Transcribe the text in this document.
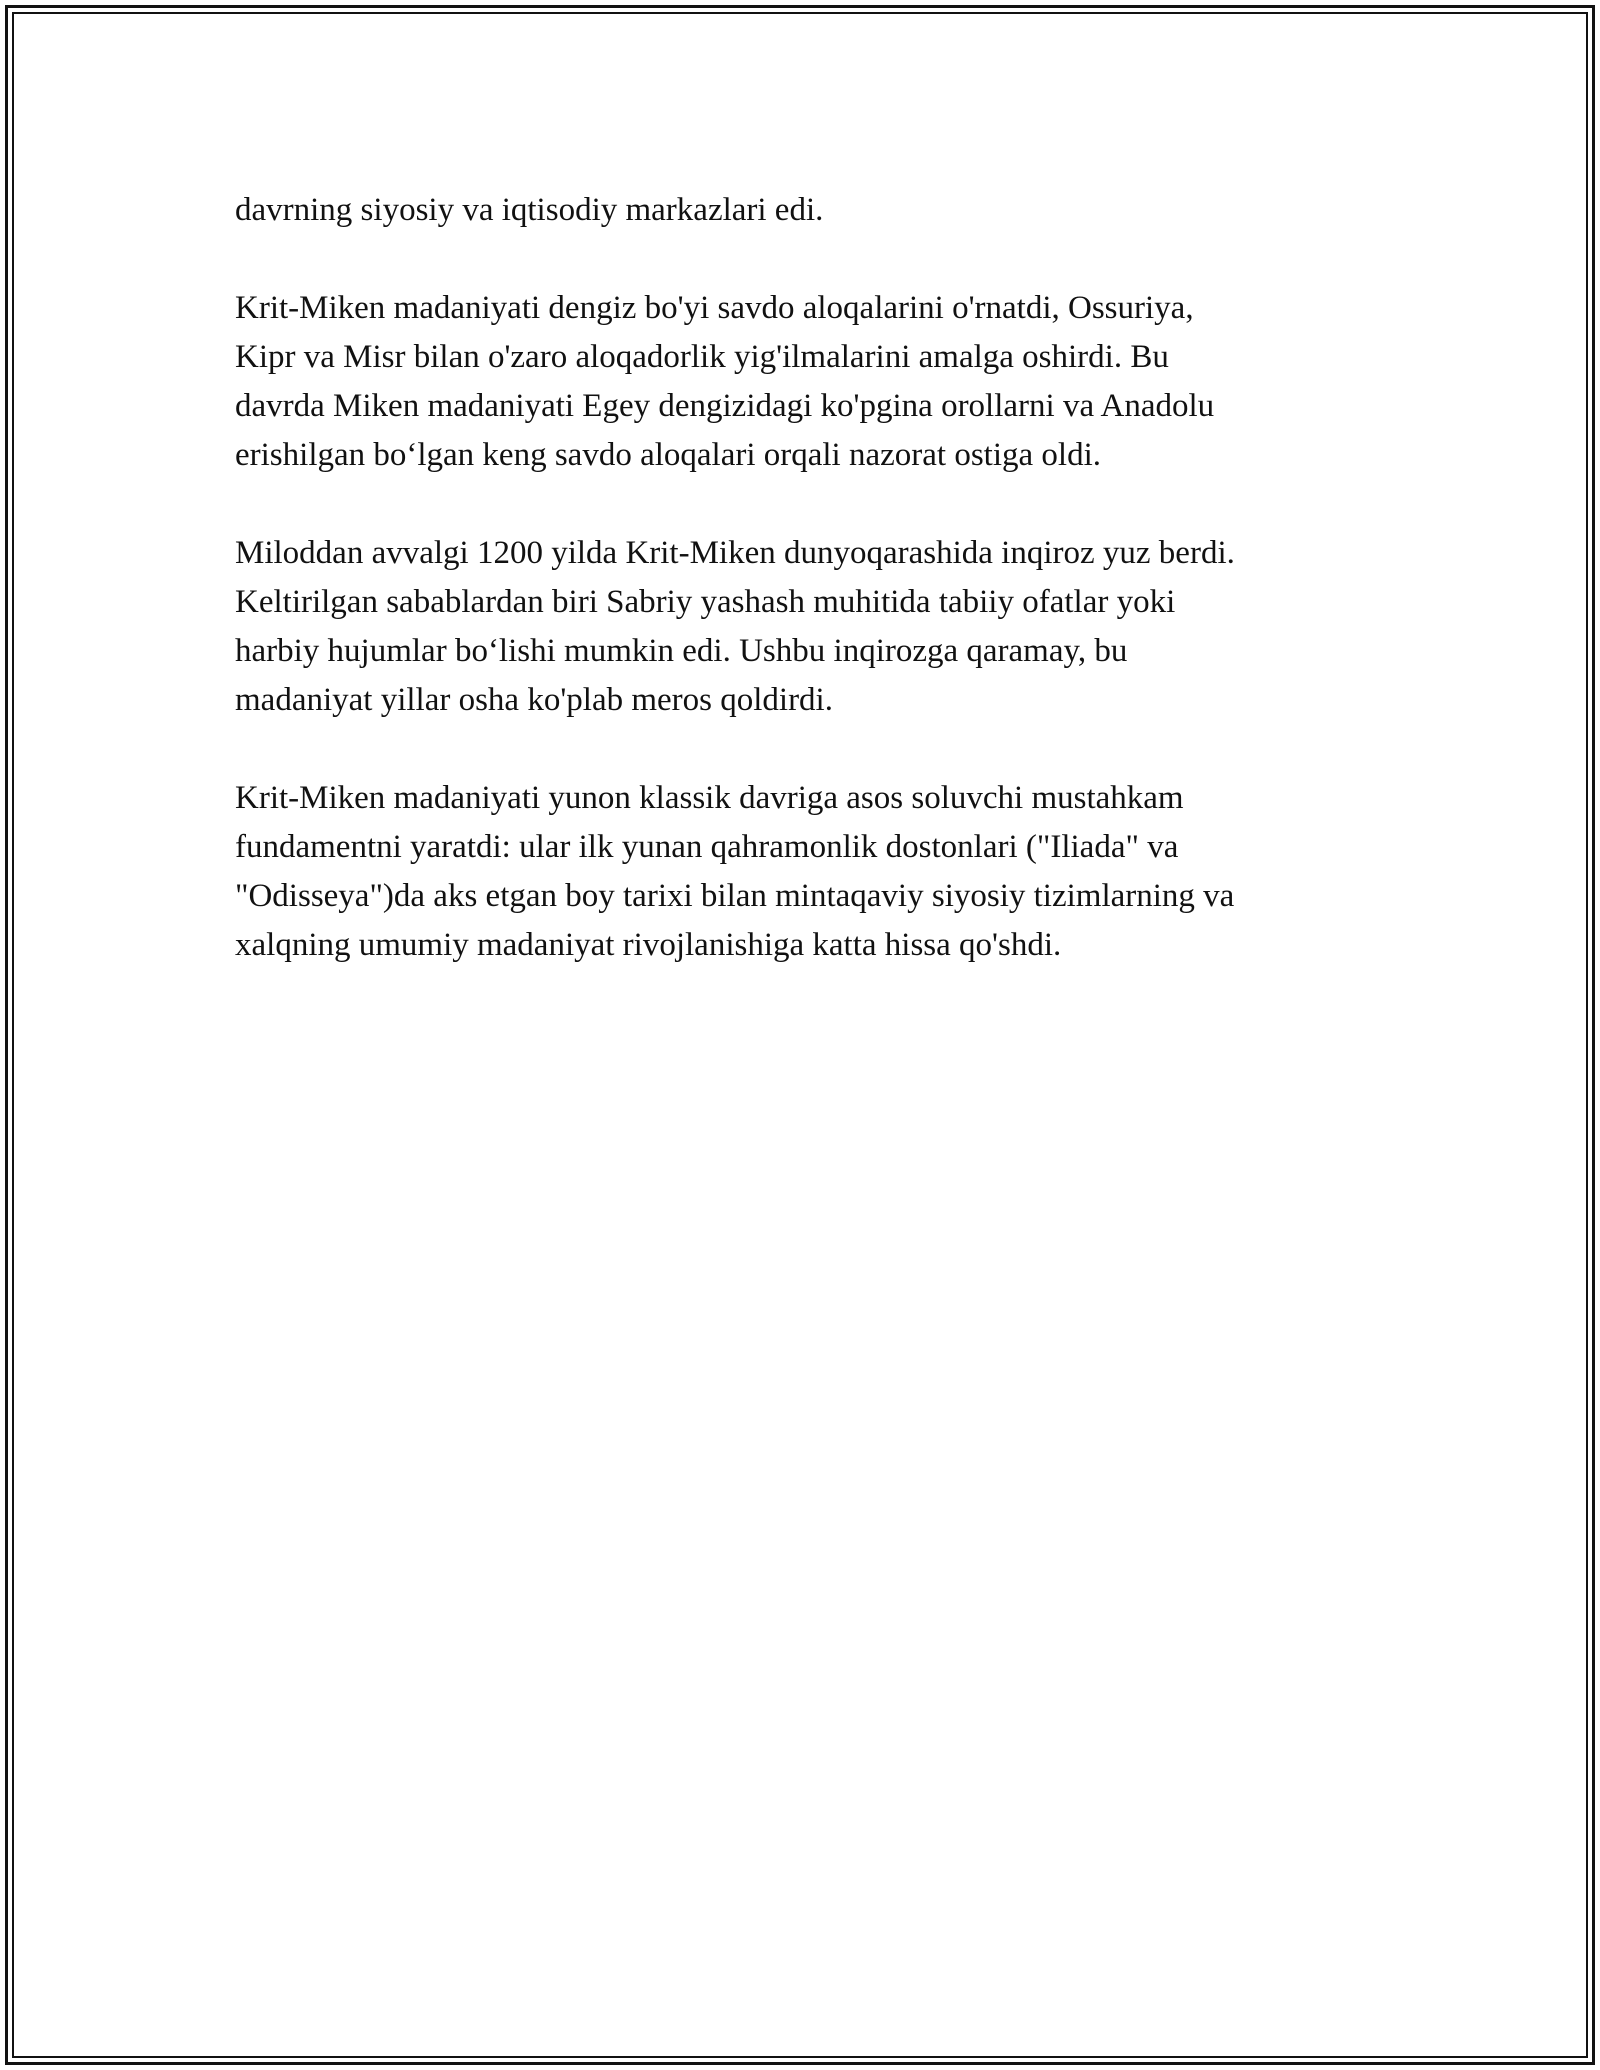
davrning siyosiy va iqtisodiy markazlari edi.

Krit-Miken madaniyati dengiz bo'yi savdo aloqalarini o'rnatdi, Ossuriya,
Kipr va Misr bilan o'zaro aloqadorlik yig'ilmalarini amalga oshirdi. Bu
davrda Miken madaniyati Egey dengizidagi ko'pgina orollarni va Anadolu
erishilgan bo‘lgan keng savdo aloqalari orqali nazorat ostiga oldi.

Miloddan avvalgi 1200 yilda Krit-Miken dunyoqarashida inqiroz yuz berdi.
Keltirilgan sabablardan biri Sabriy yashash muhitida tabiiy ofatlar yoki
harbiy hujumlar bo‘lishi mumkin edi. Ushbu inqirozga qaramay, bu
madaniyat yillar osha ko'plab meros qoldirdi.

Krit-Miken madaniyati yunon klassik davriga asos soluvchi mustahkam
fundamentni yaratdi: ular ilk yunan qahramonlik dostonlari ("Iliada" va
"Odisseya")da aks etgan boy tarixi bilan mintaqaviy siyosiy tizimlarning va
xalqning umumiy madaniyat rivojlanishiga katta hissa qo'shdi.
